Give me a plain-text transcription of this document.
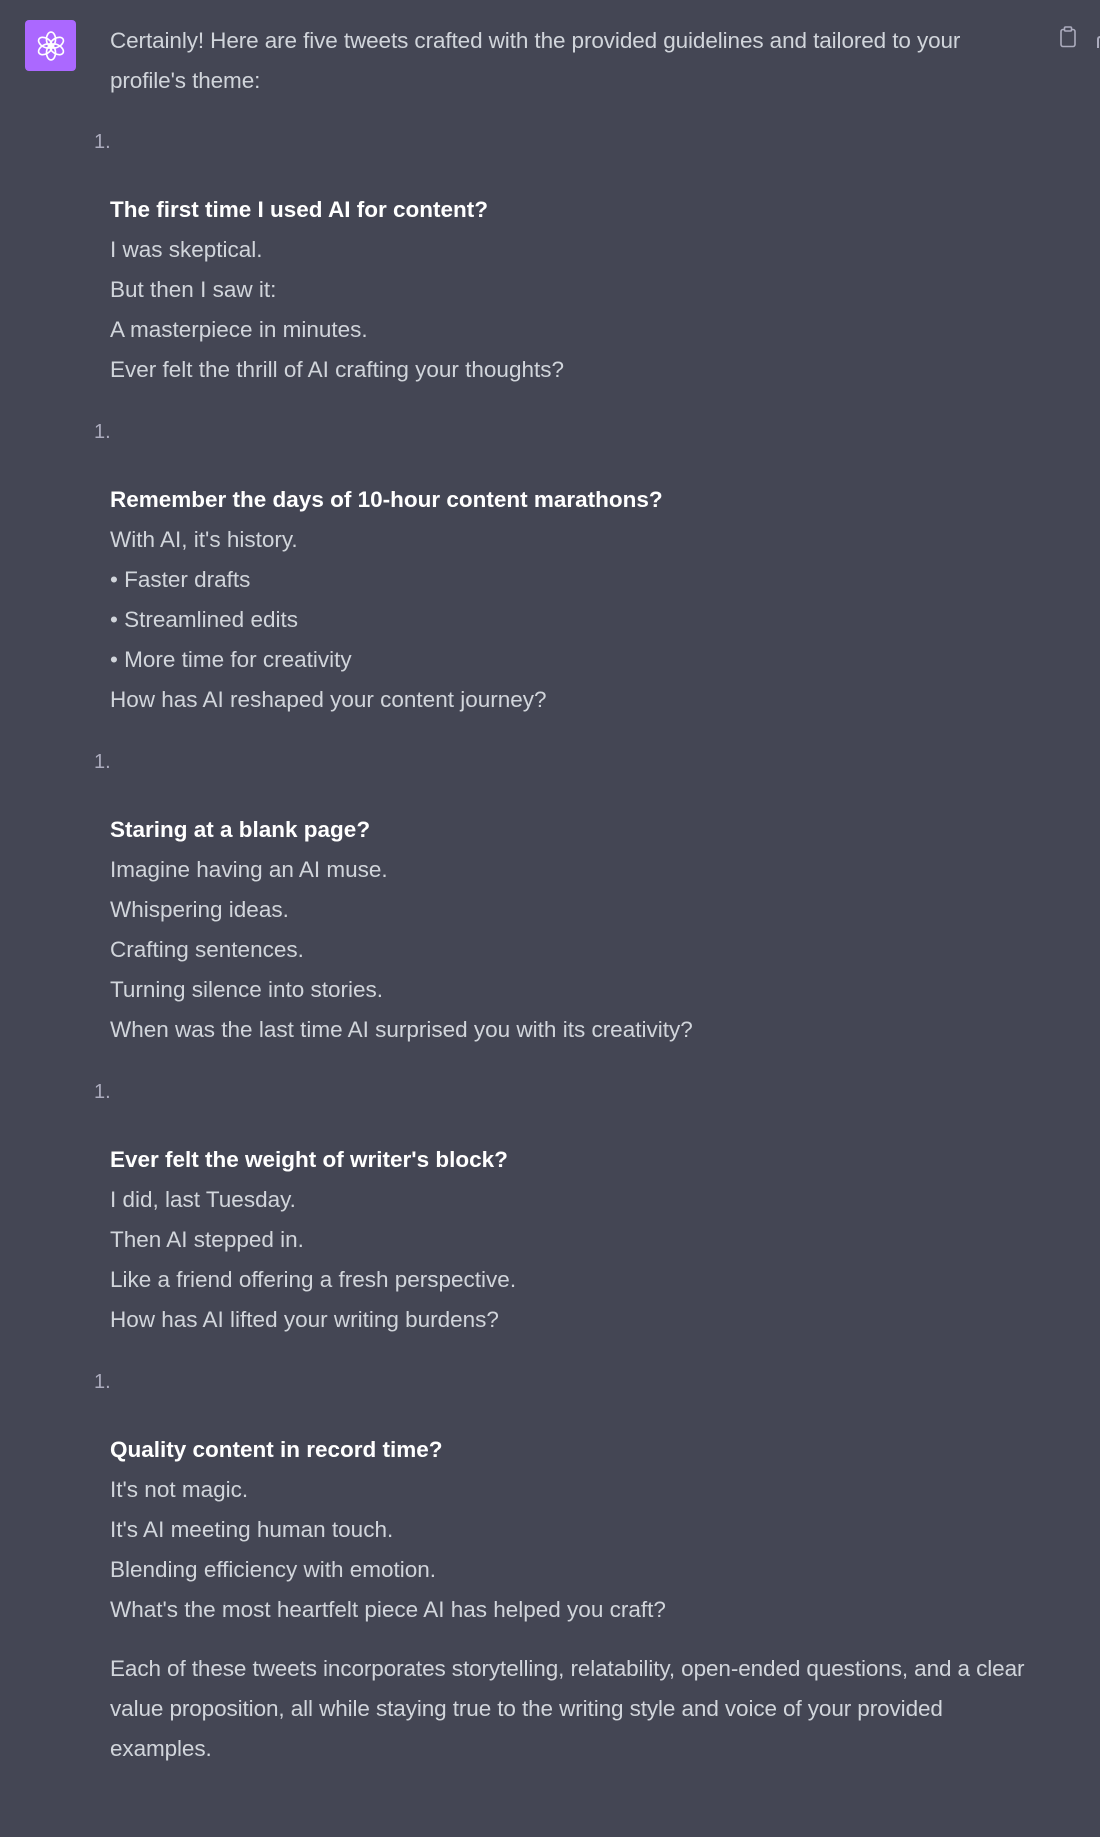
Certainly! Here are five tweets crafted with the provided guidelines and tailored to your profile's theme:

1.
The first time I used AI for content?
I was skeptical.
But then I saw it:
A masterpiece in minutes.
Ever felt the thrill of AI crafting your thoughts?
1.
Remember the days of 10-hour content marathons?
With AI, it's history.
• Faster drafts
• Streamlined edits
• More time for creativity
How has AI reshaped your content journey?
1.
Staring at a blank page?
Imagine having an AI muse.
Whispering ideas.
Crafting sentences.
Turning silence into stories.
When was the last time AI surprised you with its creativity?
1.
Ever felt the weight of writer's block?
I did, last Tuesday.
Then AI stepped in.
Like a friend offering a fresh perspective.
How has AI lifted your writing burdens?
1.
Quality content in record time?
It's not magic.
It's AI meeting human touch.
Blending efficiency with emotion.
What's the most heartfelt piece AI has helped you craft?

Each of these tweets incorporates storytelling, relatability, open-ended questions, and a clear value proposition, all while staying true to the writing style and voice of your provided examples.
